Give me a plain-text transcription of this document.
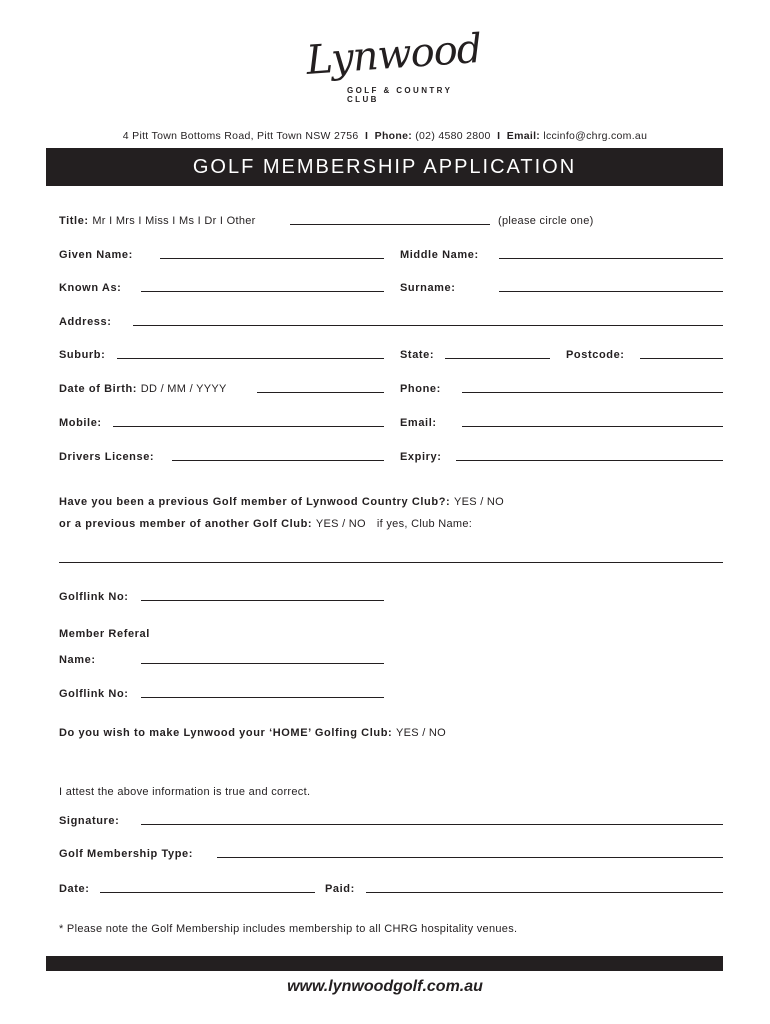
Lynwood
GOLF & COUNTRY CLUB
4 Pitt Town Bottoms Road, Pitt Town NSW 2756 I Phone: (02) 4580 2800 I Email: lccinfo@chrg.com.au
GOLF MEMBERSHIP APPLICATION
Title: Mr I Mrs I Miss I Ms I Dr I Other	(please circle one)
Given Name:	Middle Name:
Known As:	Surname:
Address:
Suburb:	State:	Postcode:
Date of Birth: DD / MM / YYYY	Phone:
Mobile:	Email:
Drivers License:	Expiry:
Have you been a previous Golf member of Lynwood Country Club?: YES / NO
or a previous member of another Golf Club: YES / NO if yes, Club Name:
Golflink No:
Member Referal
Name:
Golflink No:
Do you wish to make Lynwood your ‘HOME’ Golfing Club: YES / NO
I attest the above information is true and correct.
Signature:
Golf Membership Type:
Date:	Paid:
* Please note the Golf Membership includes membership to all CHRG hospitality venues.
www.lynwoodgolf.com.au
